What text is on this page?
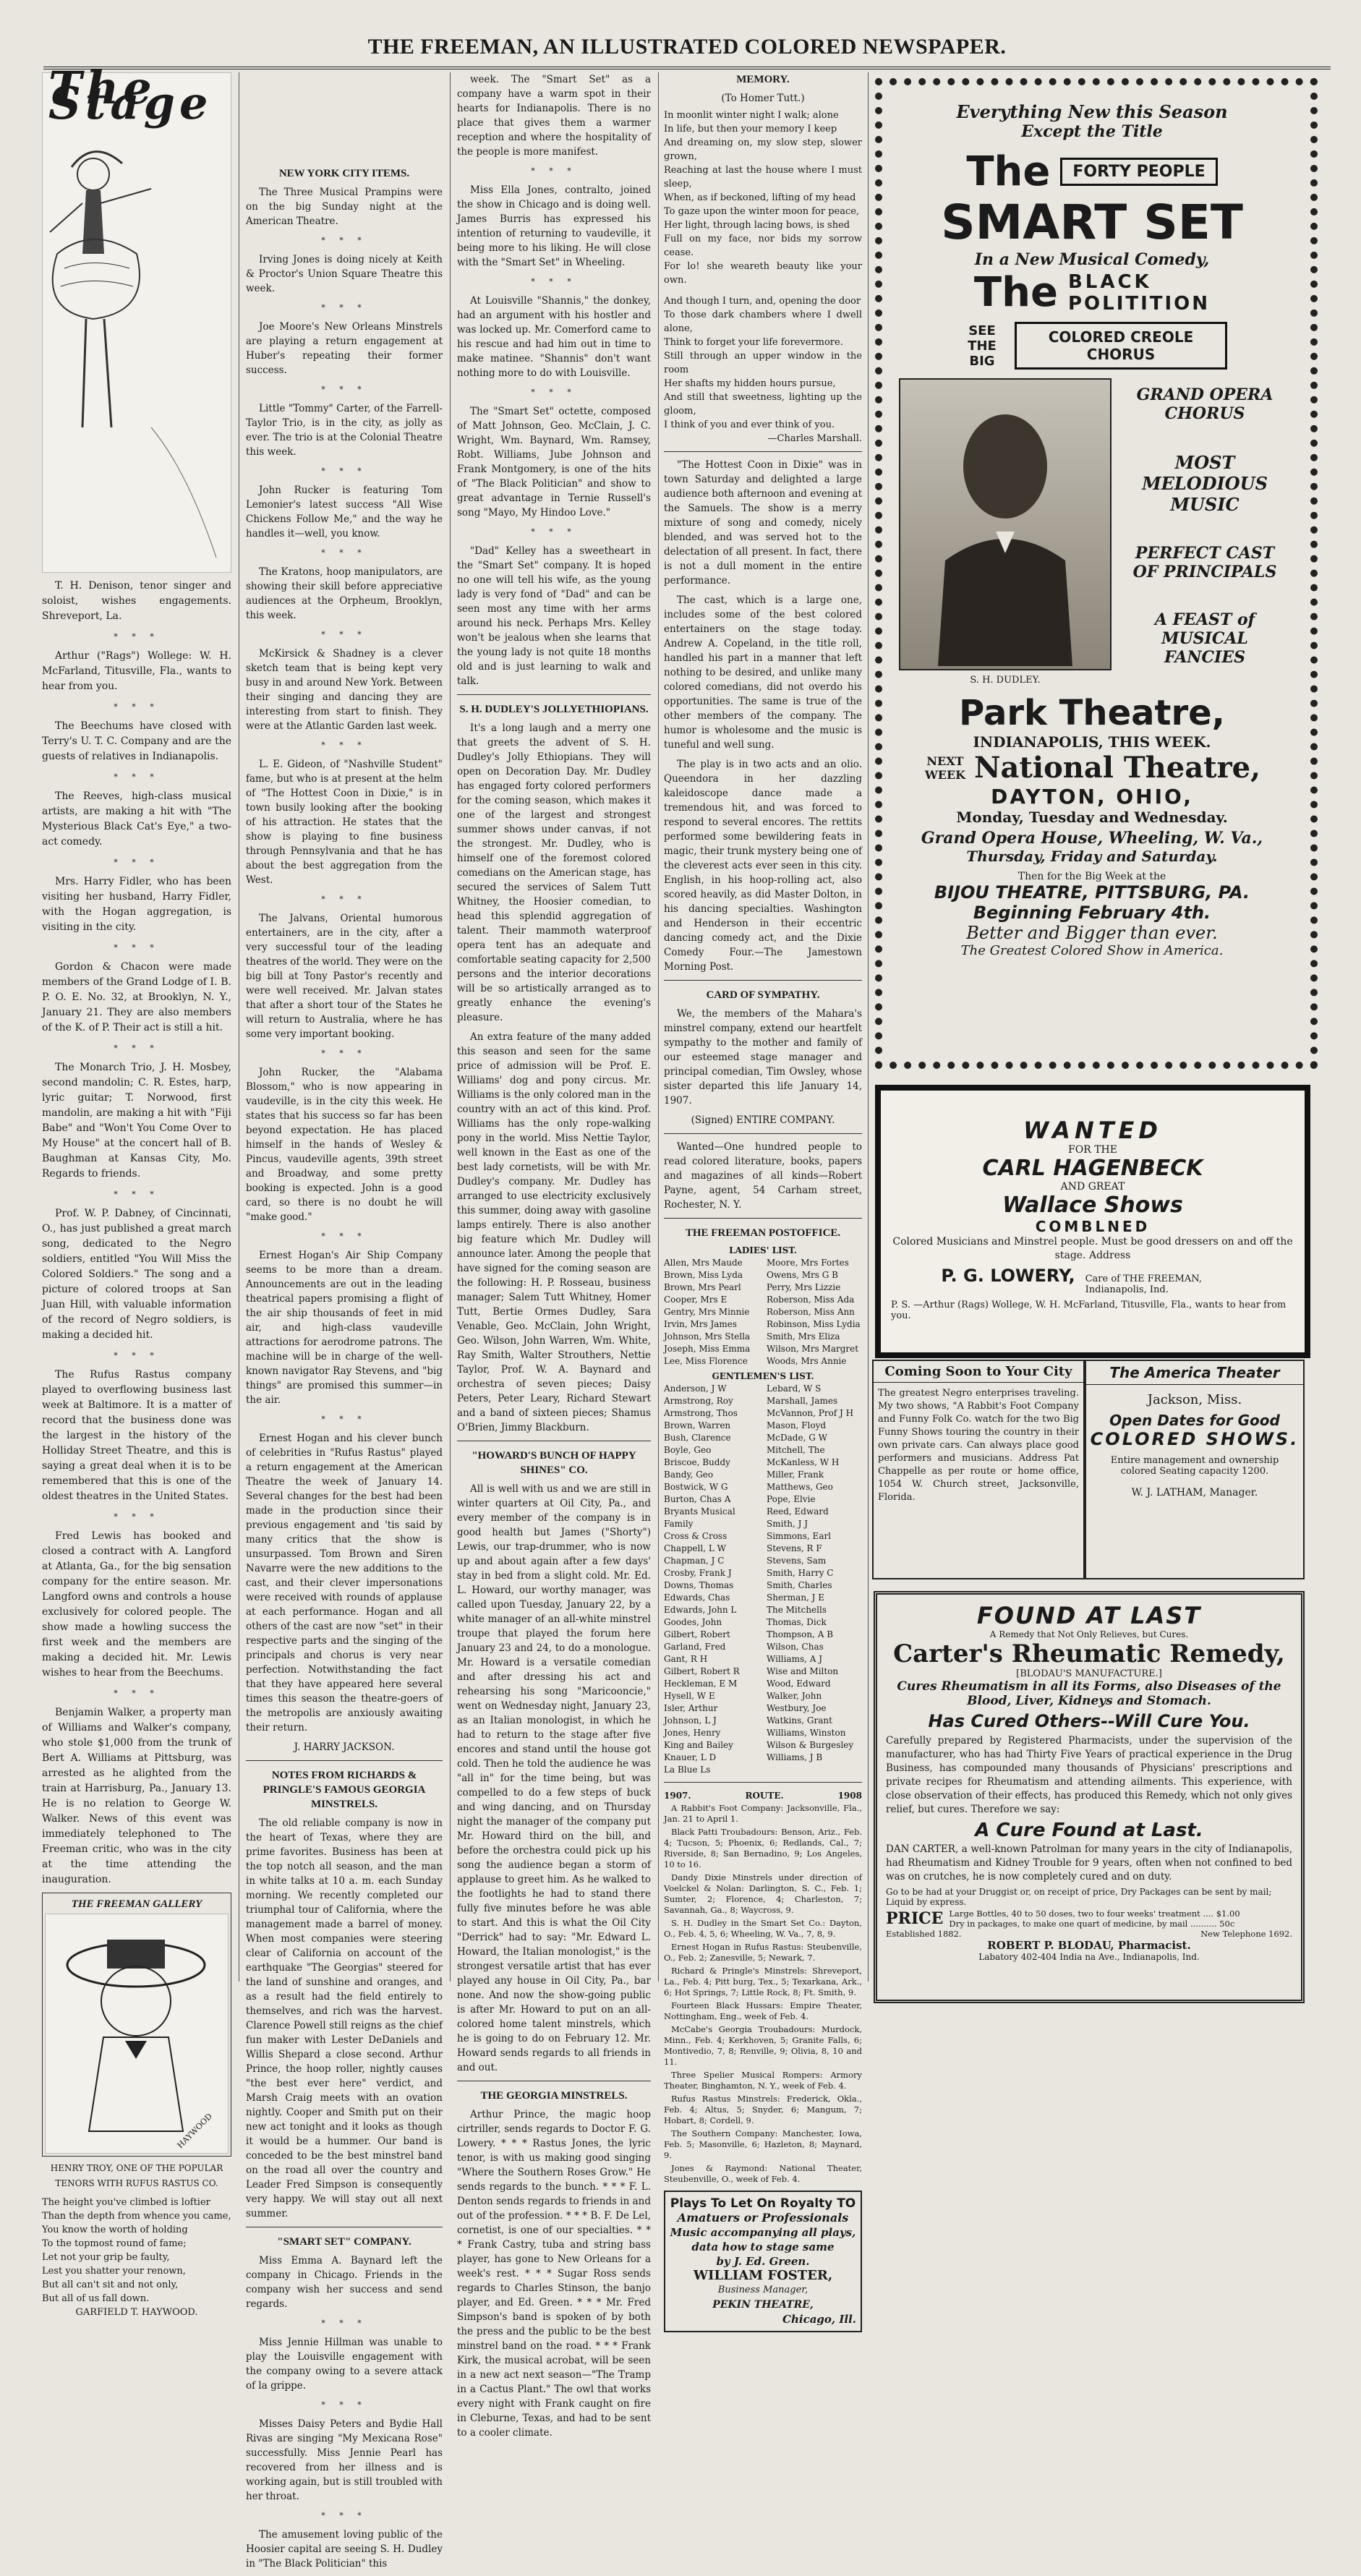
THE FREEMAN, AN ILLUSTRATED COLORED NEWSPAPER.
The Stage

T. H. Denison, tenor singer and soloist, wishes engagements. Shreveport, La.

* * *

Arthur ("Rags") Wollege: W. H. McFarland, Titusville, Fla., wants to hear from you.

* * *

The Beechums have closed with Terry's U. T. C. Company and are the guests of relatives in Indianapolis.

* * *

The Reeves, high-class musical artists, are making a hit with "The Mysterious Black Cat's Eye," a two-act comedy.

* * *

Mrs. Harry Fidler, who has been visiting her husband, Harry Fidler, with the Hogan aggregation, is visiting in the city.

* * *

Gordon & Chacon were made members of the Grand Lodge of I. B. P. O. E. No. 32, at Brooklyn, N. Y., January 21. They are also members of the K. of P. Their act is still a hit.

* * *

The Monarch Trio, J. H. Mosbey, second mandolin; C. R. Estes, harp, lyric guitar; T. Norwood, first mandolin, are making a hit with "Fiji Babe" and "Won't You Come Over to My House" at the concert hall of B. Baughman at Kansas City, Mo. Regards to friends.

* * *

Prof. W. P. Dabney, of Cincinnati, O., has just published a great march song, dedicated to the Negro soldiers, entitled "You Will Miss the Colored Soldiers." The song and a picture of colored troops at San Juan Hill, with valuable information of the record of Negro soldiers, is making a decided hit.

* * *

The Rufus Rastus company played to overflowing business last week at Baltimore. It is a matter of record that the business done was the largest in the history of the Holliday Street Theatre, and this is saying a great deal when it is to be remembered that this is one of the oldest theatres in the United States.

* * *

Fred Lewis has booked and closed a contract with A. Langford at Atlanta, Ga., for the big sensation company for the entire season. Mr. Langford owns and controls a house exclusively for colored people. The show made a howling success the first week and the members are making a decided hit. Mr. Lewis wishes to hear from the Beechums.

* * *

Benjamin Walker, a property man of Williams and Walker's company, who stole $1,000 from the trunk of Bert A. Williams at Pittsburg, was arrested as he alighted from the train at Harrisburg, Pa., January 13. He is no relation to George W. Walker. News of this event was immediately telephoned to The Freeman critic, who was in the city at the time attending the inauguration.

THE FREEMAN GALLERY
HAYWOOD
HENRY TROY, ONE OF THE POPULAR TENORS WITH RUFUS RASTUS CO.
The height you've climbed is loftier
Than the depth from whence you came,
You know the worth of holding
To the topmost round of fame;
Let not your grip be faulty,
Lest you shatter your renown,
But all can't sit and not only,
But all of us fall down.
GARFIELD T. HAYWOOD.
NEW YORK CITY ITEMS.

The Three Musical Prampins were on the big Sunday night at the American Theatre.

* * *

Irving Jones is doing nicely at Keith & Proctor's Union Square Theatre this week.

* * *

Joe Moore's New Orleans Minstrels are playing a return engagement at Huber's repeating their former success.

* * *

Little "Tommy" Carter, of the Farrell-Taylor Trio, is in the city, as jolly as ever. The trio is at the Colonial Theatre this week.

* * *

John Rucker is featuring Tom Lemonier's latest success "All Wise Chickens Follow Me," and the way he handles it—well, you know.

* * *

The Kratons, hoop manipulators, are showing their skill before appreciative audiences at the Orpheum, Brooklyn, this week.

* * *

McKirsick & Shadney is a clever sketch team that is being kept very busy in and around New York. Between their singing and dancing they are interesting from start to finish. They were at the Atlantic Garden last week.

* * *

L. E. Gideon, of "Nashville Student" fame, but who is at present at the helm of "The Hottest Coon in Dixie," is in town busily looking after the booking of his attraction. He states that the show is playing to fine business through Pennsylvania and that he has about the best aggregation from the West.

* * *

The Jalvans, Oriental humorous entertainers, are in the city, after a very successful tour of the leading theatres of the world. They were on the big bill at Tony Pastor's recently and were well received. Mr. Jalvan states that after a short tour of the States he will return to Australia, where he has some very important booking.

* * *

John Rucker, the "Alabama Blossom," who is now appearing in vaudeville, is in the city this week. He states that his success so far has been beyond expectation. He has placed himself in the hands of Wesley & Pincus, vaudeville agents, 39th street and Broadway, and some pretty booking is expected. John is a good card, so there is no doubt he will "make good."

* * *

Ernest Hogan's Air Ship Company seems to be more than a dream. Announcements are out in the leading theatrical papers promising a flight of the air ship thousands of feet in mid air, and high-class vaudeville attractions for aerodrome patrons. The machine will be in charge of the well-known navigator Ray Stevens, and "big things" are promised this summer—in the air.

* * *

Ernest Hogan and his clever bunch of celebrities in "Rufus Rastus" played a return engagement at the American Theatre the week of January 14. Several changes for the best had been made in the production since their previous engagement and 'tis said by many critics that the show is unsurpassed. Tom Brown and Siren Navarre were the new additions to the cast, and their clever impersonations were received with rounds of applause at each performance. Hogan and all others of the cast are now "set" in their respective parts and the singing of the principals and chorus is very near perfection. Notwithstanding the fact that they have appeared here several times this season the theatre-goers of the metropolis are anxiously awaiting their return.

J. HARRY JACKSON.
NOTES FROM RICHARDS & PRINGLE'S FAMOUS GEORGIA MINSTRELS.

The old reliable company is now in the heart of Texas, where they are prime favorites. Business has been at the top notch all season, and the man in white talks at 10 a. m. each Sunday morning. We recently completed our triumphal tour of California, where the management made a barrel of money. When most companies were steering clear of California on account of the earthquake "The Georgias" steered for the land of sunshine and oranges, and as a result had the field entirely to themselves, and rich was the harvest. Clarence Powell still reigns as the chief fun maker with Lester DeDaniels and Willis Shepard a close second. Arthur Prince, the hoop roller, nightly causes "the best ever here" verdict, and Marsh Craig meets with an ovation nightly. Cooper and Smith put on their new act tonight and it looks as though it would be a hummer. Our band is conceded to be the best minstrel band on the road all over the country and Leader Fred Simpson is consequently very happy. We will stay out all next summer.

"SMART SET" COMPANY.

Miss Emma A. Baynard left the company in Chicago. Friends in the company wish her success and send regards.

* * *

Miss Jennie Hillman was unable to play the Louisville engagement with the company owing to a severe attack of la grippe.

* * *

Misses Daisy Peters and Bydie Hall Rivas are singing "My Mexicana Rose" successfully. Miss Jennie Pearl has recovered from her illness and is working again, but is still troubled with her throat.

* * *

The amusement loving public of the Hoosier capital are seeing S. H. Dudley in "The Black Politician" this

week. The "Smart Set" as a company have a warm spot in their hearts for Indianapolis. There is no place that gives them a warmer reception and where the hospitality of the people is more manifest.

* * *

Miss Ella Jones, contralto, joined the show in Chicago and is doing well. James Burris has expressed his intention of returning to vaudeville, it being more to his liking. He will close with the "Smart Set" in Wheeling.

* * *

At Louisville "Shannis," the donkey, had an argument with his hostler and was locked up. Mr. Comerford came to his rescue and had him out in time to make matinee. "Shannis" don't want nothing more to do with Louisville.

* * *

The "Smart Set" octette, composed of Matt Johnson, Geo. McClain, J. C. Wright, Wm. Baynard, Wm. Ramsey, Robt. Williams, Jube Johnson and Frank Montgomery, is one of the hits of "The Black Politician" and show to great advantage in Ternie Russell's song "Mayo, My Hindoo Love."

* * *

"Dad" Kelley has a sweetheart in the "Smart Set" company. It is hoped no one will tell his wife, as the young lady is very fond of "Dad" and can be seen most any time with her arms around his neck. Perhaps Mrs. Kelley won't be jealous when she learns that the young lady is not quite 18 months old and is just learning to walk and talk.

S. H. DUDLEY'S JOLLYETHIOPIANS.

It's a long laugh and a merry one that greets the advent of S. H. Dudley's Jolly Ethiopians. They will open on Decoration Day. Mr. Dudley has engaged forty colored performers for the coming season, which makes it one of the largest and strongest summer shows under canvas, if not the strongest. Mr. Dudley, who is himself one of the foremost colored comedians on the American stage, has secured the services of Salem Tutt Whitney, the Hoosier comedian, to head this splendid aggregation of talent. Their mammoth waterproof opera tent has an adequate and comfortable seating capacity for 2,500 persons and the interior decorations will be so artistically arranged as to greatly enhance the evening's pleasure.

An extra feature of the many added this season and seen for the same price of admission will be Prof. E. Williams' dog and pony circus. Mr. Williams is the only colored man in the country with an act of this kind. Prof. Williams has the only rope-walking pony in the world. Miss Nettie Taylor, well known in the East as one of the best lady cornetists, will be with Mr. Dudley's company. Mr. Dudley has arranged to use electricity exclusively this summer, doing away with gasoline lamps entirely. There is also another big feature which Mr. Dudley will announce later. Among the people that have signed for the coming season are the following: H. P. Rosseau, business manager; Salem Tutt Whitney, Homer Tutt, Bertie Ormes Dudley, Sara Venable, Geo. McClain, John Wright, Geo. Wilson, John Warren, Wm. White, Ray Smith, Walter Strouthers, Nettie Taylor, Prof. W. A. Baynard and orchestra of seven pieces; Daisy Peters, Peter Leary, Richard Stewart and a band of sixteen pieces; Shamus O'Brien, Jimmy Blackburn.

"HOWARD'S BUNCH OF HAPPY SHINES" CO.

All is well with us and we are still in winter quarters at Oil City, Pa., and every member of the company is in good health but James ("Shorty") Lewis, our trap-drummer, who is now up and about again after a few days' stay in bed from a slight cold. Mr. Ed. L. Howard, our worthy manager, was called upon Tuesday, January 22, by a white manager of an all-white minstrel troupe that played the forum here January 23 and 24, to do a monologue. Mr. Howard is a versatile comedian and after dressing his act and rehearsing his song "Maricooncie," went on Wednesday night, January 23, as an Italian monologist, in which he had to return to the stage after five encores and stand until the house got cold. Then he told the audience he was "all in" for the time being, but was compelled to do a few steps of buck and wing dancing, and on Thursday night the manager of the company put Mr. Howard third on the bill, and before the orchestra could pick up his song the audience began a storm of applause to greet him. As he walked to the footlights he had to stand there fully five minutes before he was able to start. And this is what the Oil City "Derrick" had to say: "Mr. Edward L. Howard, the Italian monologist," is the strongest versatile artist that has ever played any house in Oil City, Pa., bar none. And now the show-going public is after Mr. Howard to put on an all-colored home talent minstrels, which he is going to do on February 12. Mr. Howard sends regards to all friends in and out.

THE GEORGIA MINSTRELS.

Arthur Prince, the magic hoop cirtriller, sends regards to Doctor F. G. Lowery. * * * Rastus Jones, the lyric tenor, is with us making good singing "Where the Southern Roses Grow." He sends regards to the bunch. * * * F. L. Denton sends regards to friends in and out of the profession. * * * B. F. De Lel, cornetist, is one of our specialties. * * * Frank Castry, tuba and string bass player, has gone to New Orleans for a week's rest. * * * Sugar Ross sends regards to Charles Stinson, the banjo player, and Ed. Green. * * * Mr. Fred Simpson's band is spoken of by both the press and the public to be the best minstrel band on the road. * * * Frank Kirk, the musical acrobat, will be seen in a new act next season—"The Tramp in a Cactus Plant." The owl that works every night with Frank caught on fire in Cleburne, Texas, and had to be sent to a cooler climate.

MEMORY.
(To Homer Tutt.)
In moonlit winter night I walk; alone
In life, but then your memory I keep
And dreaming on, my slow step, slower grown,
Reaching at last the house where I must sleep,
When, as if beckoned, lifting of my head
To gaze upon the winter moon for peace,
Her light, through lacing bows, is shed
Full on my face, nor bids my sorrow cease.
For lo! she weareth beauty like your own.
And though I turn, and, opening the door
To those dark chambers where I dwell alone,
Think to forget your life forevermore.
Still through an upper window in the room
Her shafts my hidden hours pursue,
And still that sweetness, lighting up the gloom,
I think of you and ever think of you.
—Charles Marshall.

"The Hottest Coon in Dixie" was in town Saturday and delighted a large audience both afternoon and evening at the Samuels. The show is a merry mixture of song and comedy, nicely blended, and was served hot to the delectation of all present. In fact, there is not a dull moment in the entire performance.

The cast, which is a large one, includes some of the best colored entertainers on the stage today. Andrew A. Copeland, in the title roll, handled his part in a manner that left nothing to be desired, and unlike many colored comedians, did not overdo his opportunities. The same is true of the other members of the company. The humor is wholesome and the music is tuneful and well sung.

The play is in two acts and an olio. Queendora in her dazzling kaleidoscope dance made a tremendous hit, and was forced to respond to several encores. The rettits performed some bewildering feats in magic, their trunk mystery being one of the cleverest acts ever seen in this city. English, in his hoop-rolling act, also scored heavily, as did Master Dolton, in his dancing specialties. Washington and Henderson in their eccentric dancing comedy act, and the Dixie Comedy Four.—The Jamestown Morning Post.

CARD OF SYMPATHY.

We, the members of the Mahara's minstrel company, extend our heartfelt sympathy to the mother and family of our esteemed stage manager and principal comedian, Tim Owsley, whose sister departed this life January 14, 1907.

(Signed) ENTIRE COMPANY.

Wanted—One hundred people to read colored literature, books, papers and magazines of all kinds—Robert Payne, agent, 54 Carham street, Rochester, N. Y.

THE FREEMAN POSTOFFICE.
LADIES' LIST.
Allen, Mrs Maude
Brown, Miss Lyda
Brown, Mrs Pearl
Cooper, Mrs E
Gentry, Mrs Minnie
Irvin, Mrs James
Johnson, Mrs Stella
Joseph, Miss Emma
Lee, Miss Florence
Moore, Mrs Fortes
Owens, Mrs G B
Perry, Mrs Lizzie
Roberson, Miss Ada
Roberson, Miss Ann
Robinson, Miss Lydia
Smith, Mrs Eliza
Wilson, Mrs Margret
Woods, Mrs Annie
GENTLEMEN'S LIST.
Anderson, J W
Armstrong, Roy
Armstrong, Thos
Brown, Warren
Bush, Clarence
Boyle, Geo
Briscoe, Buddy
Bandy, Geo
Bostwick, W G
Burton, Chas A
Bryants Musical
Family
Cross & Cross
Chappell, L W
Chapman, J C
Crosby, Frank J
Downs, Thomas
Edwards, Chas
Edwards, John L
Goodes, John
Gilbert, Robert
Garland, Fred
Gant, R H
Gilbert, Robert R
Heckleman, E M
Hysell, W E
Isler, Arthur
Johnson, L J
Jones, Henry
King and Bailey
Knauer, L D
La Blue Ls
Lebard, W S
Marshall, James
McVannon, Prof J H
Mason, Floyd
McDade, G W
Mitchell, The
McKanless, W H
Miller, Frank
Matthews, Geo
Pope, Elvie
Reed, Edward
Smith, J J
Simmons, Earl
Stevens, R F
Stevens, Sam
Smith, Harry C
Smith, Charles
Sherman, J E
The Mitchells
Thomas, Dick
Thompson, A B
Wilson, Chas
Williams, A J
Wise and Milton
Wood, Edward
Walker, John
Westbury, Joe
Watkins, Grant
Williams, Winston
Wilson & Burgesley
Williams, J B
1907.	ROUTE.	1908
A Rabbit's Foot Company: Jacksonville, Fla., Jan. 21 to April 1.
Black Patti Troubadours: Benson, Ariz., Feb. 4; Tucson, 5; Phoenix, 6; Redlands, Cal., 7; Riverside, 8; San Bernadino, 9; Los Angeles, 10 to 16.
Dandy Dixie Minstrels under direction of Voelckel & Nolan: Darlington, S. C., Feb. 1; Sumter, 2; Florence, 4; Charleston, 7; Savannah, Ga., 8; Waycross, 9.
S. H. Dudley in the Smart Set Co.: Dayton, O., Feb. 4, 5, 6; Wheeling, W. Va., 7, 8, 9.
Ernest Hogan in Rufus Rastus: Steubenville, O., Feb. 2; Zanesville, 5; Newark, 7.
Richard & Pringle's Minstrels: Shreveport, La., Feb. 4; Pitt burg, Tex., 5; Texarkana, Ark., 6; Hot Springs, 7; Little Rock, 8; Ft. Smith, 9.
Fourteen Black Hussars: Empire Theater, Nottingham, Eng., week of Feb. 4.
McCabe's Georgia Troubadours: Murdock, Minn., Feb. 4; Kerkhoven, 5; Granite Falls, 6; Montivedio, 7, 8; Renville, 9; Olivia, 8, 10 and 11.
Three Spelier Musical Rompers: Armory Theater, Binghamton, N. Y., week of Feb. 4.
Rufus Rastus Minstrels: Frederick, Okla., Feb. 4; Altus, 5; Snyder, 6; Mangum, 7; Hobart, 8; Cordell, 9.
The Southern Company: Manchester, Iowa, Feb. 5; Masonville, 6; Hazleton, 8; Maynard, 9.
Jones & Raymond: National Theater, Steubenville, O., week of Feb. 4.
Plays To Let On Royalty TO
Amatuers or Professionals
Music accompanying all plays, data how to stage same
by J. Ed. Green.
WILLIAM FOSTER,
Business Manager,
PEKIN THEATRE,
Chicago, Ill.
Everything New this Season
Except the Title
The	FORTY PEOPLE
SMART SET
In a New Musical Comedy,
The BLACK
POLITITION
SEE THE BIG
COLORED CREOLE CHORUS
S. H. DUDLEY.
GRAND OPERA CHORUS
MOST MELODIOUS MUSIC
PERFECT CAST OF PRINCIPALS
A FEAST of MUSICAL FANCIES
Park Theatre,
INDIANAPOLIS, THIS WEEK.
NEXT WEEK National Theatre,
DAYTON, OHIO,
Monday, Tuesday and Wednesday.
Grand Opera House, Wheeling, W. Va.,
Thursday, Friday and Saturday.
Then for the Big Week at the
BIJOU THEATRE, PITTSBURG, PA.
Beginning February 4th.
Better and Bigger than ever.
The Greatest Colored Show in America.
WANTED
FOR THE
CARL HAGENBECK
AND GREAT
Wallace Shows
COMBLNED
Colored Musicians and Minstrel people. Must be good dressers on and off the stage. Address
P. G. LOWERY, Care of THE FREEMAN, Indianapolis, Ind.
P. S. —Arthur (Rags) Wollege, W. H. McFarland, Titusville, Fla., wants to hear from you.
Coming Soon to Your City
The greatest Negro enterprises traveling. My two shows, "A Rabbit's Foot Company and Funny Folk Co. watch for the two Big Funny Shows touring the country in their own private cars. Can always place good performers and musicians. Address Pat Chappelle as per route or home office, 1054 W. Church street, Jacksonville, Florida.
The America Theater
Jackson, Miss.
Open Dates for Good
COLORED SHOWS.
Entire management and ownership colored Seating capacity 1200.
W. J. LATHAM, Manager.
FOUND AT LAST
A Remedy that Not Only Relieves, but Cures.
Carter's Rheumatic Remedy,
[BLODAU'S MANUFACTURE.]
Cures Rheumatism in all its Forms, also Diseases of the Blood, Liver, Kidneys and Stomach.
Has Cured Others--Will Cure You.
Carefully prepared by Registered Pharmacists, under the supervision of the manufacturer, who has had Thirty Five Years of practical experience in the Drug Business, has compounded many thousands of Physicians' prescriptions and private recipes for Rheumatism and attending ailments. This experience, with close observation of their effects, has produced this Remedy, which not only gives relief, but cures. Therefore we say:
A Cure Found at Last.
DAN CARTER, a well-known Patrolman for many years in the city of Indianapolis, had Rheumatism and Kidney Trouble for 9 years, often when not confined to bed was on crutches, he is now completely cured and on duty.
Go to be had at your Druggist or, on receipt of price, Dry Packages can be sent by mail; Liquid by express.
PRICE Large Bottles, 40 to 50 doses, two to four weeks' treatment .... $1.00
Dry in packages, to make one quart of medicine, by mail .......... 50c
Established 1882.	New Telephone 1692.
ROBERT P. BLODAU, Pharmacist.
Labatory 402-404 India na Ave., Indianapolis, Ind.
